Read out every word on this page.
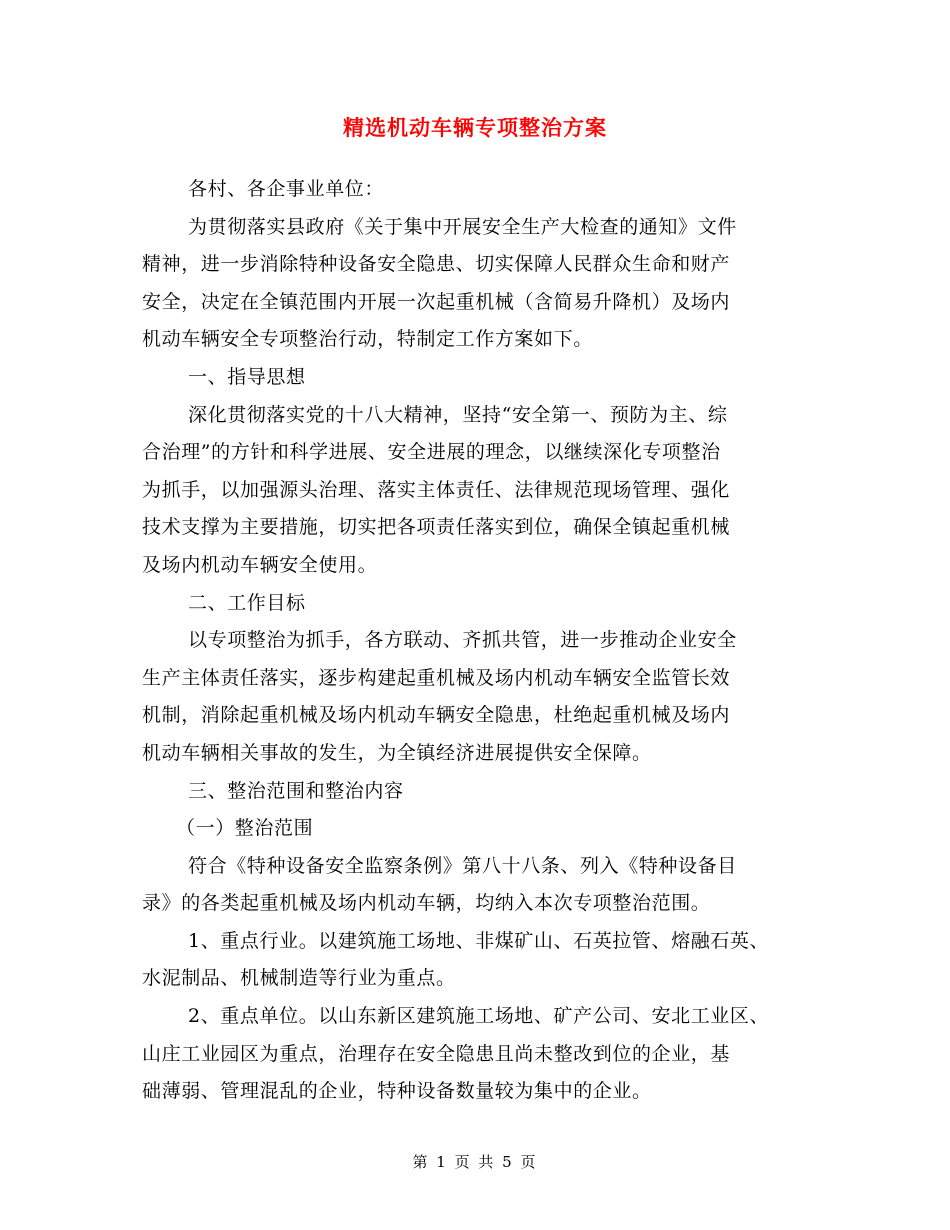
精选机动车辆专项整治方案

各村、各企事业单位：

为贯彻落实县政府《关于集中开展安全生产大检查的通知》文件
精神，进一步消除特种设备安全隐患、切实保障人民群众生命和财产
安全，决定在全镇范围内开展一次起重机械（含简易升降机）及场内
机动车辆安全专项整治行动，特制定工作方案如下。

一、指导思想

深化贯彻落实党的十八大精神，坚持“安全第一、预防为主、综
合治理”的方针和科学进展、安全进展的理念，以继续深化专项整治
为抓手，以加强源头治理、落实主体责任、法律规范现场管理、强化
技术支撑为主要措施，切实把各项责任落实到位，确保全镇起重机械
及场内机动车辆安全使用。

二、工作目标

以专项整治为抓手，各方联动、齐抓共管，进一步推动企业安全
生产主体责任落实，逐步构建起重机械及场内机动车辆安全监管长效
机制，消除起重机械及场内机动车辆安全隐患，杜绝起重机械及场内
机动车辆相关事故的发生，为全镇经济进展提供安全保障。

三、整治范围和整治内容

（一）整治范围

符合《特种设备安全监察条例》第八十八条、列入《特种设备目
录》的各类起重机械及场内机动车辆，均纳入本次专项整治范围。

1、重点行业。以建筑施工场地、非煤矿山、石英拉管、熔融石英、
水泥制品、机械制造等行业为重点。

2、重点单位。以山东新区建筑施工场地、矿产公司、安北工业区、
山庄工业园区为重点，治理存在安全隐患且尚未整改到位的企业，基
础薄弱、管理混乱的企业，特种设备数量较为集中的企业。

第 1 页 共 5 页
